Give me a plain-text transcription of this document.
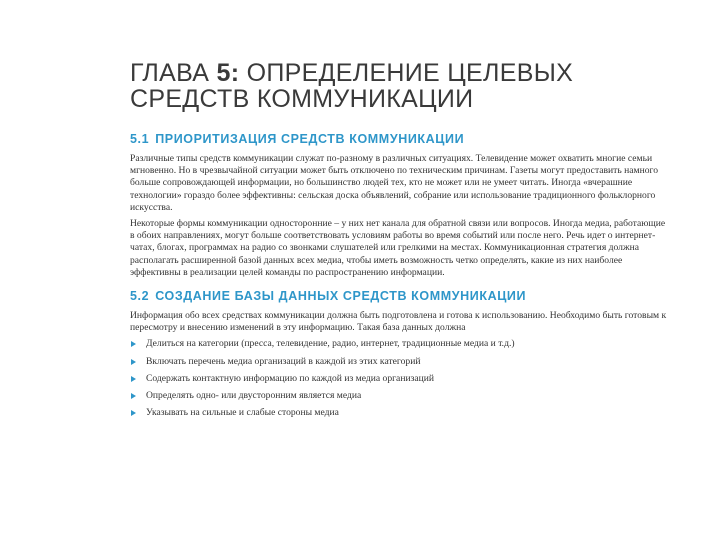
ГЛАВА 5: ОПРЕДЕЛЕНИЕ ЦЕЛЕВЫХ
СРЕДСТВ КОММУНИКАЦИИ
5.1 ПРИОРИТИЗАЦИЯ СРЕДСТВ КОММУНИКАЦИИ

Различные типы средств коммуникации служат по-разному в различных ситуациях. Телевидение может охватить многие семьи мгновенно. Но в чрезвычайной ситуации может быть отключено по техническим причинам. Газеты могут предоставить намного больше сопровождающей информации, но большинство людей тех, кто не может или не умеет читать. Иногда «вчерашние технологии» гораздо более эффективны: сельская доска объявлений, собрание или использование традиционного фольклорного искусства.

Некоторые формы коммуникации односторонние – у них нет канала для обратной связи или вопросов. Иногда медиа, работающие в обоих направлениях, могут больше соответствовать условиям работы во время событий или после него. Речь идет о интернет-чатах, блогах, программах на радио со звонками слушателей или грелкими на местах. Коммуникационная стратегия должна располагать расширенной базой данных всех медиа, чтобы иметь возможность четко определять, какие из них наиболее эффективны в реализации целей команды по распространению информации.

5.2 СОЗДАНИЕ БАЗЫ ДАННЫХ СРЕДСТВ КОММУНИКАЦИИ

Информация обо всех средствах коммуникации должна быть подготовлена и готова к использованию. Необходимо быть готовым к пересмотру и внесению изменений в эту информацию. Такая база данных должна

Делиться на категории (пресса, телевидение, радио, интернет, традиционные медиа и т.д.)
Включать перечень медиа организаций в каждой из этих категорий
Содержать контактную информацию по каждой из медиа организаций
Определять одно- или двусторонним является медиа
Указывать на сильные и слабые стороны медиа
